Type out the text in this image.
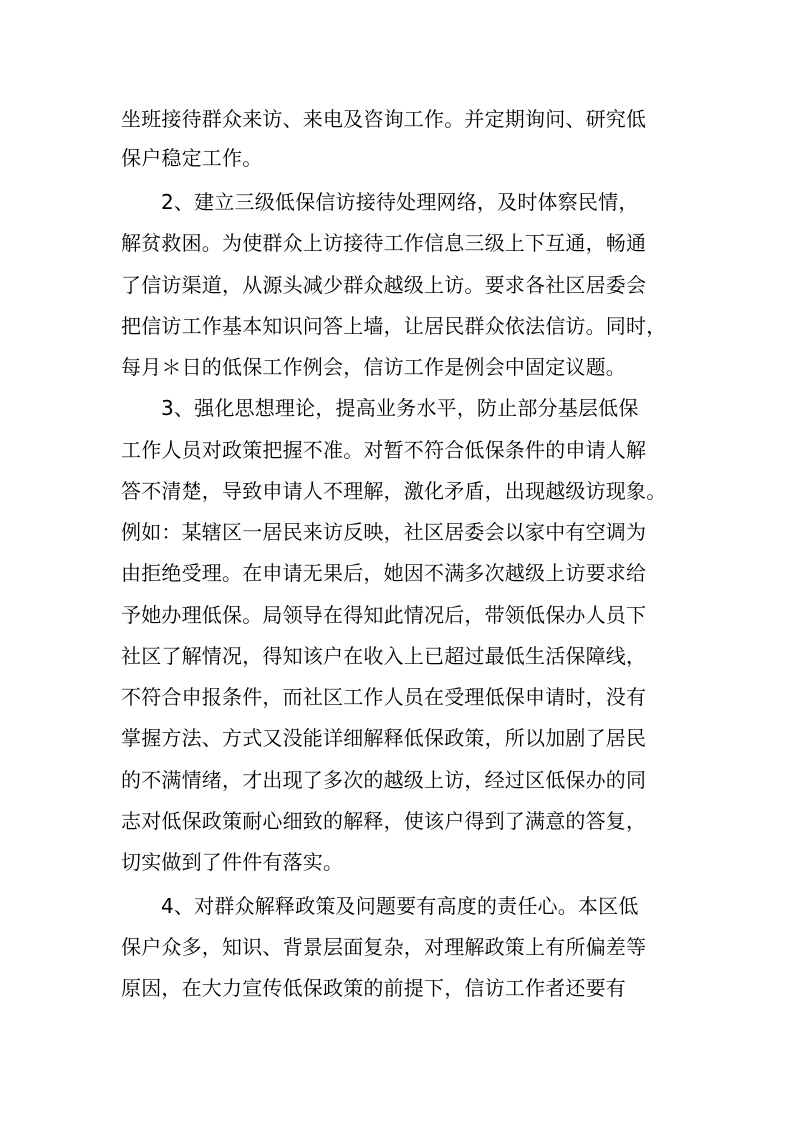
坐班接待群众来访、来电及咨询工作。并定期询问、研究低
保户稳定工作。
2、建立三级低保信访接待处理网络，及时体察民情，
解贫救困。为使群众上访接待工作信息三级上下互通，畅通
了信访渠道，从源头减少群众越级上访。要求各社区居委会
把信访工作基本知识问答上墙，让居民群众依法信访。同时，
每月＊日的低保工作例会，信访工作是例会中固定议题。
3、强化思想理论，提高业务水平，防止部分基层低保
工作人员对政策把握不准。对暂不符合低保条件的申请人解
答不清楚，导致申请人不理解，激化矛盾，出现越级访现象。
例如：某辖区一居民来访反映，社区居委会以家中有空调为
由拒绝受理。在申请无果后，她因不满多次越级上访要求给
予她办理低保。局领导在得知此情况后，带领低保办人员下
社区了解情况，得知该户在收入上已超过最低生活保障线，
不符合申报条件，而社区工作人员在受理低保申请时，没有
掌握方法、方式又没能详细解释低保政策，所以加剧了居民
的不满情绪，才出现了多次的越级上访，经过区低保办的同
志对低保政策耐心细致的解释，使该户得到了满意的答复，
切实做到了件件有落实。
4、对群众解释政策及问题要有高度的责任心。本区低
保户众多，知识、背景层面复杂，对理解政策上有所偏差等
原因，在大力宣传低保政策的前提下，信访工作者还要有
